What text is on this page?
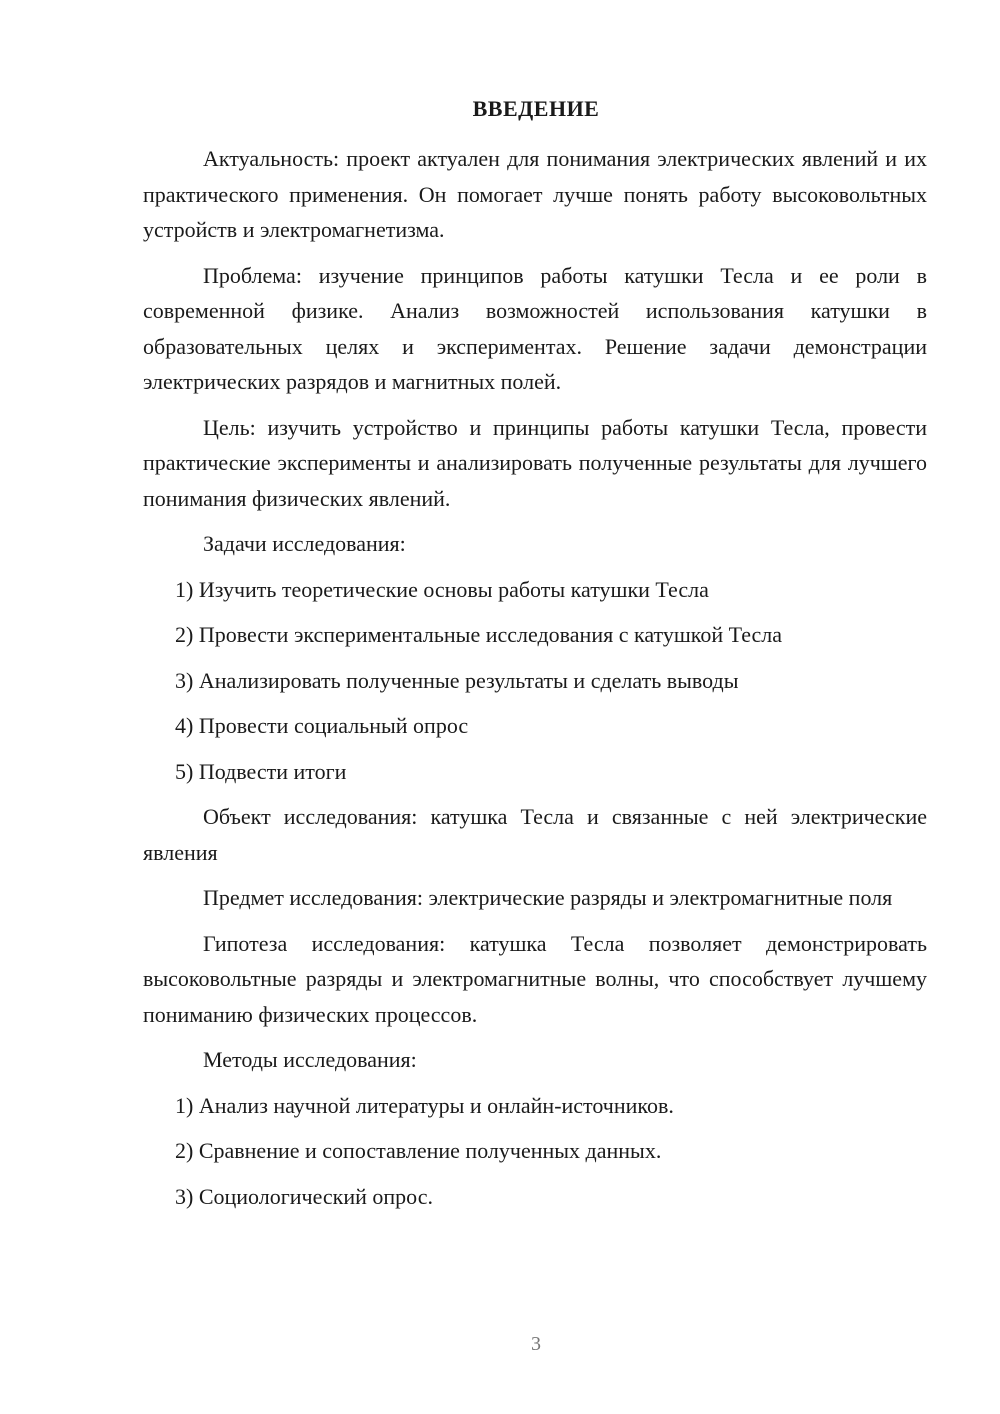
ВВЕДЕНИЕ

Актуальность: проект актуален для понимания электрических явлений и их практического применения. Он помогает лучше понять работу высоковольтных устройств и электромагнетизма.

Проблема: изучение принципов работы катушки Тесла и ее роли в современной физике. Анализ возможностей использования катушки в образовательных целях и экспериментах. Решение задачи демонстрации электрических разрядов и магнитных полей.

Цель: изучить устройство и принципы работы катушки Тесла, провести практические эксперименты и анализировать полученные результаты для лучшего понимания физических явлений.

Задачи исследования:
1) Изучить теоретические основы работы катушки Тесла
2) Провести экспериментальные исследования с катушкой Тесла
3) Анализировать полученные результаты и сделать выводы
4) Провести социальный опрос
5) Подвести итоги

Объект исследования: катушка Тесла и связанные с ней электрические явления

Предмет исследования: электрические разряды и электромагнитные поля

Гипотеза исследования: катушка Тесла позволяет демонстрировать высоковольтные разряды и электромагнитные волны, что способствует лучшему пониманию физических процессов.

Методы исследования:
1) Анализ научной литературы и онлайн-источников.
2) Сравнение и сопоставление полученных данных.
3) Социологический опрос.
3
